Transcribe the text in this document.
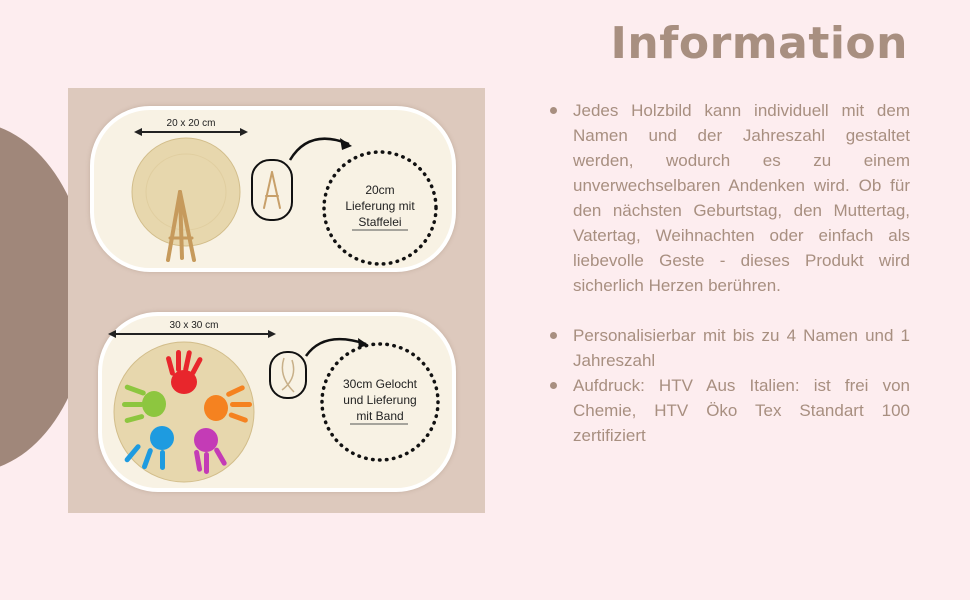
Information
20 x 20 cm
20cm
Lieferung mit
Staffelei
30 x 30 cm
30cm Gelocht
und Lieferung
mit Band
Jedes Holzbild kann individuell mit dem Namen und der Jahreszahl gestaltet werden, wodurch es zu einem unverwechselbaren Andenken wird. Ob für den nächsten Geburtstag, den Muttertag, Vatertag, Weihnachten oder einfach als liebevolle Geste - dieses Produkt wird sicherlich Herzen berühren.
Personalisierbar mit bis zu 4 Namen und 1 Jahreszahl
Aufdruck: HTV Aus Italien: ist frei von Chemie, HTV Öko Tex Standart 100 zertifiziert
